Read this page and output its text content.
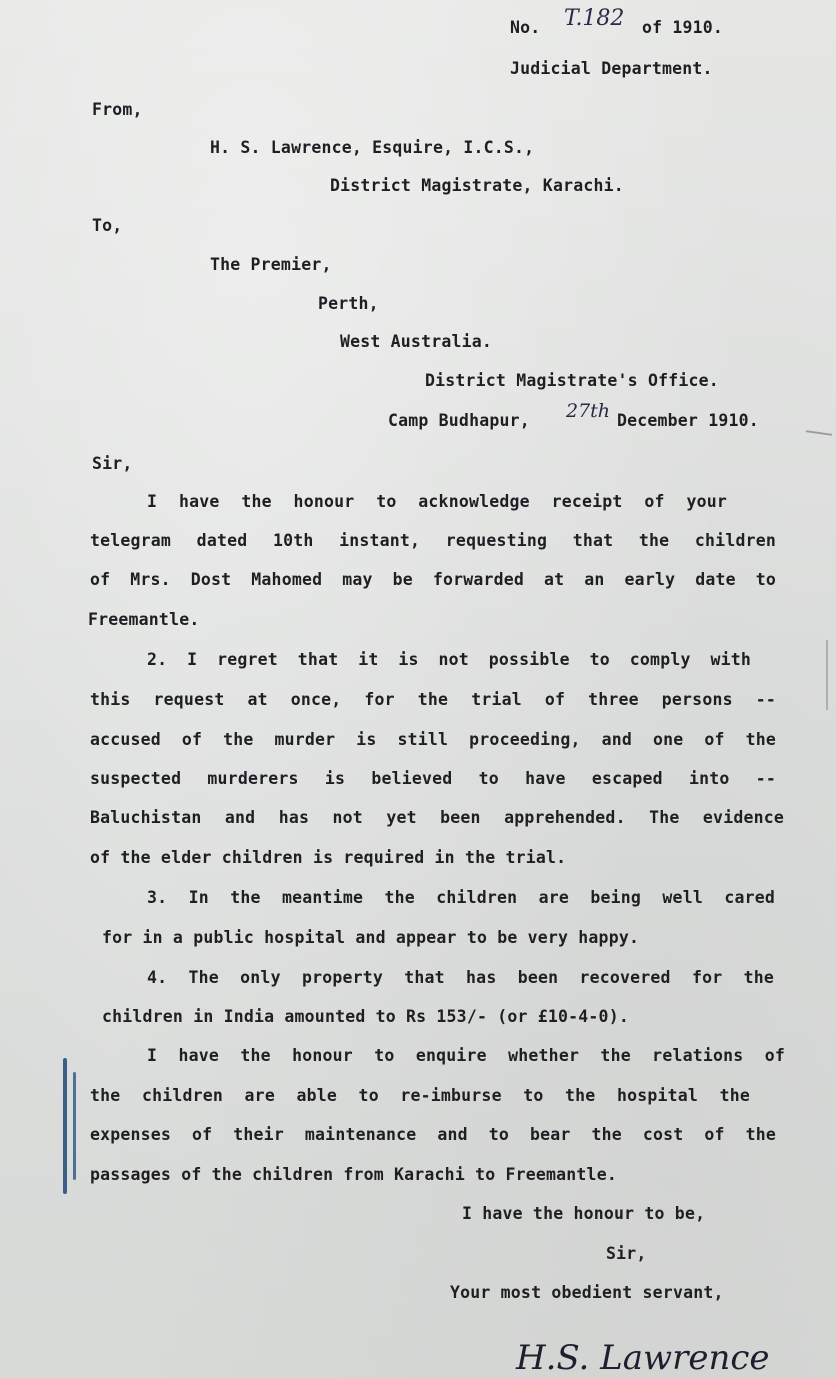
No. T.182 of 1910.
Judicial Department.
From,
H. S. Lawrence, Esquire, I.C.S.,
District Magistrate, Karachi.
To,
The Premier,
Perth,
West Australia.
District Magistrate's Office.
Camp Budhapur, 27th December 1910.
Sir,
I have the honour to acknowledge receipt of your
telegram dated 10th instant, requesting that the children
of Mrs. Dost Mahomed may be forwarded at an early date to
Freemantle.
2. I regret that it is not possible to comply with
this request at once, for the trial of three persons --
accused of the murder is still proceeding, and one of the
suspected murderers is believed to have escaped into --
Baluchistan and has not yet been apprehended. The evidence
of the elder children is required in the trial.
3. In the meantime the children are being well cared
for in a public hospital and appear to be very happy.
4. The only property that has been recovered for the
children in India amounted to Rs 153/- (or £10-4-0).
I have the honour to enquire whether the relations of
the children are able to re-imburse to the hospital the
expenses of their maintenance and to bear the cost of the
passages of the children from Karachi to Freemantle.
I have the honour to be,
Sir,
Your most obedient servant,
H.S. Lawrence
